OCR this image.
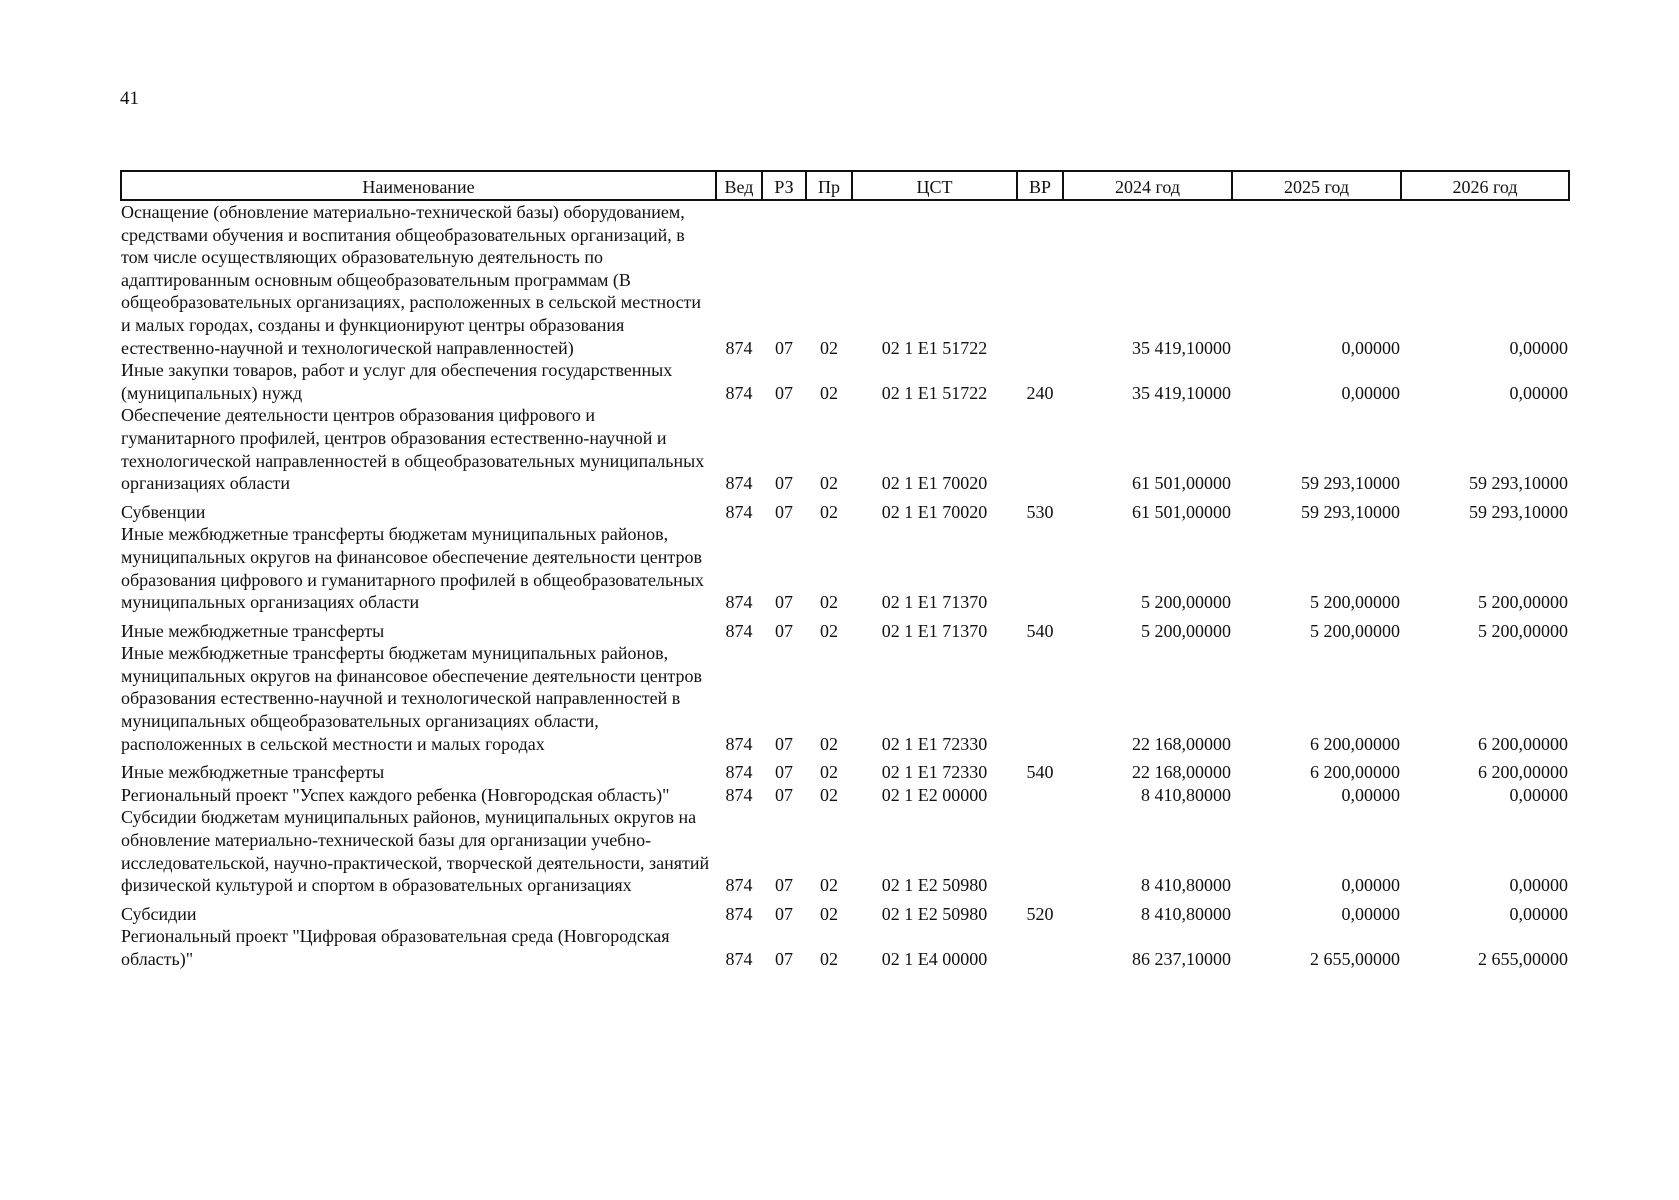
41
Наименование	Вед	РЗ	Пр	ЦСТ	ВР	2024 год	2025 год	2026 год
Оснащение (обновление материально-технической базы) оборудованием, средствами обучения и воспитания общеобразовательных организаций, в том числе осуществляющих образовательную деятельность по адаптированным основным общеобразовательным программам (В общеобразовательных организациях, расположенных в сельской местности и малых городах, созданы и функционируют центры образования естественно-научной и технологической направленностей)	874	07	02	02 1 E1 51722		35 419,10000	0,00000	0,00000
Иные закупки товаров, работ и услуг для обеспечения государственных (муниципальных) нужд	874	07	02	02 1 E1 51722	240	35 419,10000	0,00000	0,00000
Обеспечение деятельности центров образования цифрового и гуманитарного профилей, центров образования естественно-научной и технологической направленностей в общеобразовательных муниципальных организациях области	874	07	02	02 1 E1 70020		61 501,00000	59 293,10000	59 293,10000
Субвенции	874	07	02	02 1 E1 70020	530	61 501,00000	59 293,10000	59 293,10000
Иные межбюджетные трансферты бюджетам муниципальных районов, муниципальных округов на финансовое обеспечение деятельности центров образования цифрового и гуманитарного профилей в общеобразовательных муниципальных организациях области	874	07	02	02 1 E1 71370		5 200,00000	5 200,00000	5 200,00000
Иные межбюджетные трансферты	874	07	02	02 1 E1 71370	540	5 200,00000	5 200,00000	5 200,00000
Иные межбюджетные трансферты бюджетам муниципальных районов, муниципальных округов на финансовое обеспечение деятельности центров образования естественно-научной и технологической направленностей в муниципальных общеобразовательных организациях области, расположенных в сельской местности и малых городах	874	07	02	02 1 E1 72330		22 168,00000	6 200,00000	6 200,00000
Иные межбюджетные трансферты	874	07	02	02 1 E1 72330	540	22 168,00000	6 200,00000	6 200,00000
Региональный проект "Успех каждого ребенка (Новгородская область)"	874	07	02	02 1 E2 00000		8 410,80000	0,00000	0,00000
Субсидии бюджетам муниципальных районов, муниципальных округов на обновление материально-технической базы для организации учебно-исследовательской, научно-практической, творческой деятельности, занятий физической культурой и спортом в образовательных организациях	874	07	02	02 1 E2 50980		8 410,80000	0,00000	0,00000
Субсидии	874	07	02	02 1 E2 50980	520	8 410,80000	0,00000	0,00000
Региональный проект "Цифровая образовательная среда (Новгородская область)"	874	07	02	02 1 E4 00000		86 237,10000	2 655,00000	2 655,00000
